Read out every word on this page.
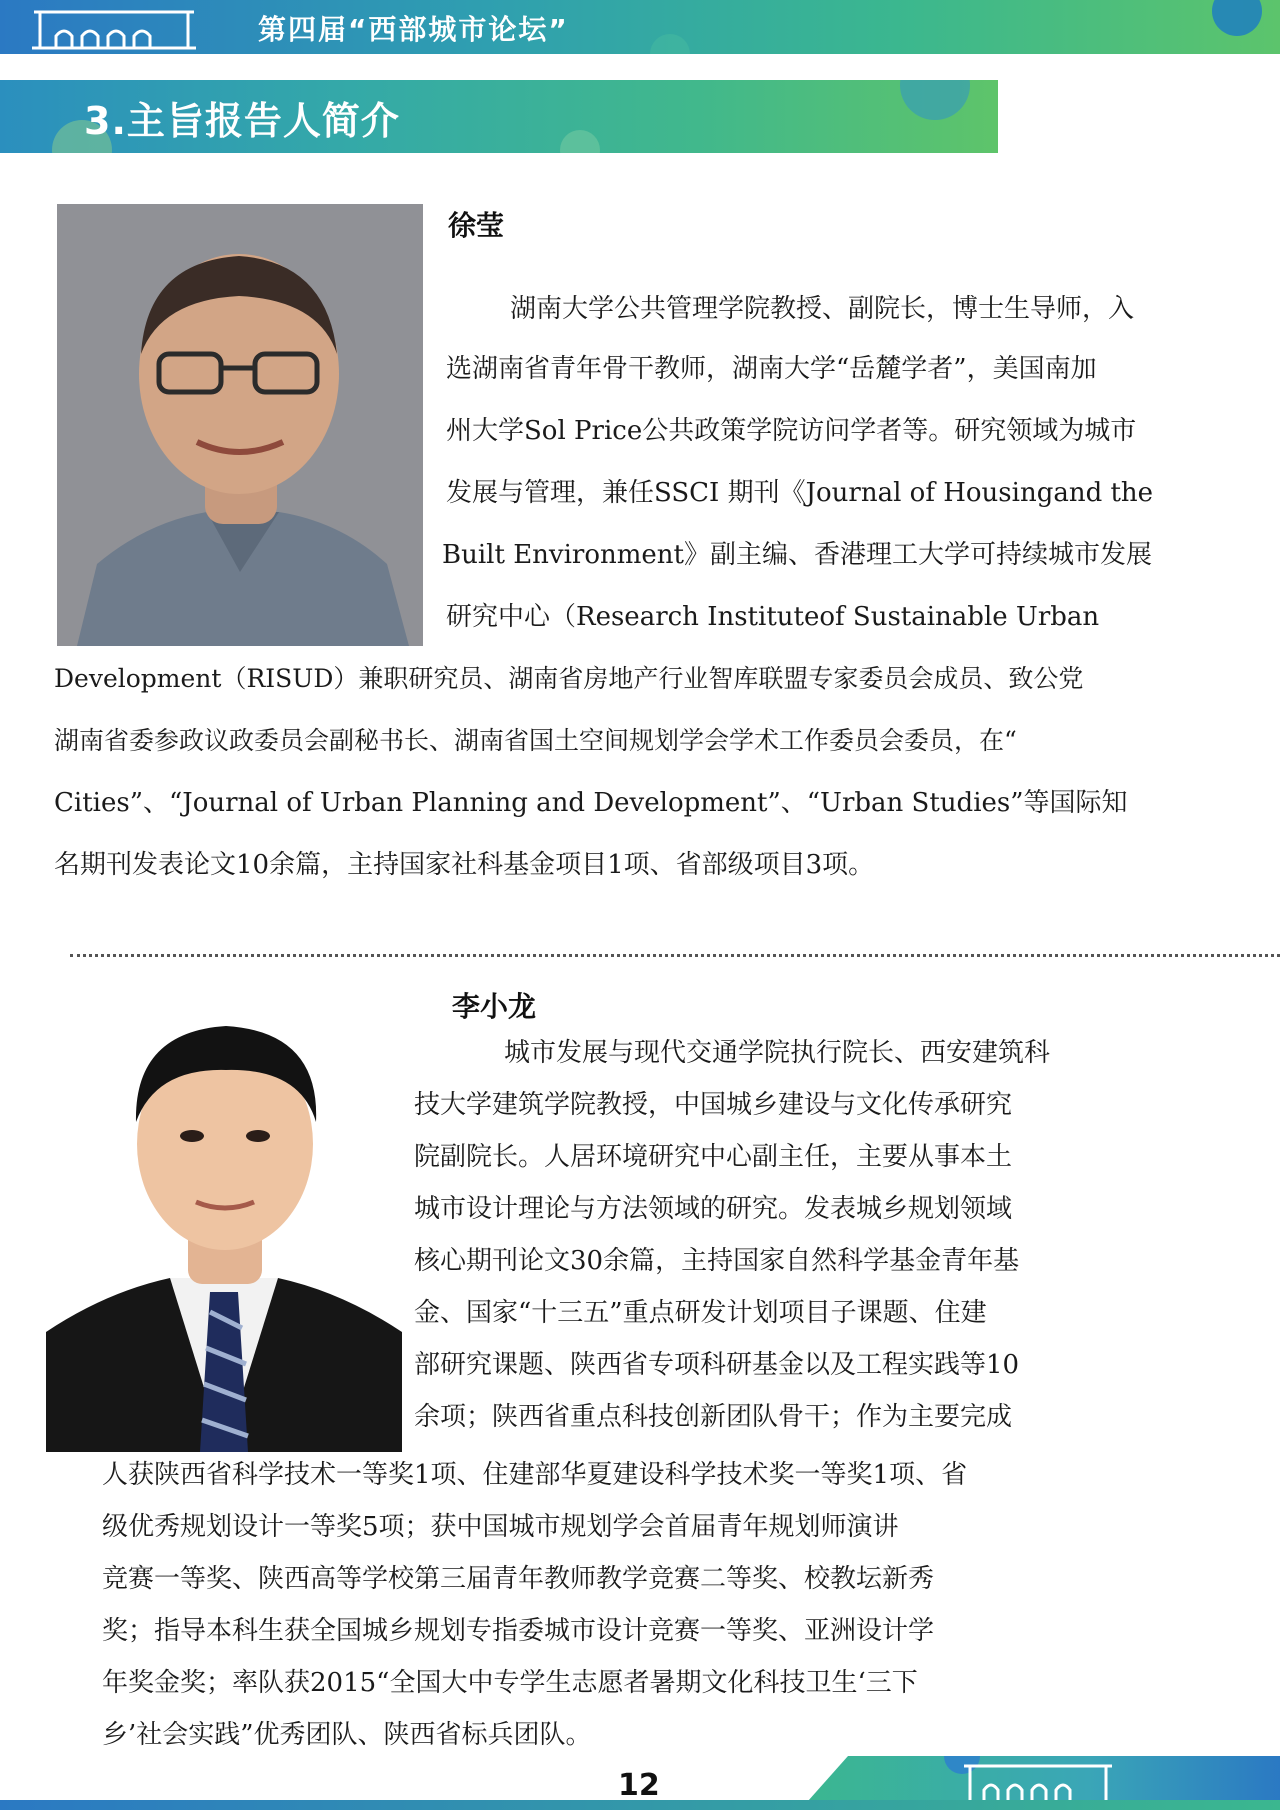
第四届“西部城市论坛”
3.主旨报告人简介
徐莹
湖南大学公共管理学院教授、副院长，博士生导师，入
选湖南省青年骨干教师，湖南大学“岳麓学者”，美国南加
州大学Sol Price公共政策学院访问学者等。研究领域为城市
发展与管理，兼任SSCI 期刊《Journal of Housingand the
Built Environment》副主编、香港理工大学可持续城市发展
研究中心（Research Instituteof Sustainable Urban
Development（RISUD）兼职研究员、湖南省房地产行业智库联盟专家委员会成员、致公党
湖南省委参政议政委员会副秘书长、湖南省国土空间规划学会学术工作委员会委员，在“
Cities”、“Journal of Urban Planning and Development”、“Urban Studies”等国际知
名期刊发表论文10余篇，主持国家社科基金项目1项、省部级项目3项。
李小龙
城市发展与现代交通学院执行院长、西安建筑科
技大学建筑学院教授，中国城乡建设与文化传承研究
院副院长。人居环境研究中心副主任，主要从事本土
城市设计理论与方法领域的研究。发表城乡规划领域
核心期刊论文30余篇，主持国家自然科学基金青年基
金、国家“十三五”重点研发计划项目子课题、住建
部研究课题、陕西省专项科研基金以及工程实践等10
余项；陕西省重点科技创新团队骨干；作为主要完成
人获陕西省科学技术一等奖1项、住建部华夏建设科学技术奖一等奖1项、省
级优秀规划设计一等奖5项；获中国城市规划学会首届青年规划师演讲
竞赛一等奖、陕西高等学校第三届青年教师教学竞赛二等奖、校教坛新秀
奖；指导本科生获全国城乡规划专指委城市设计竞赛一等奖、亚洲设计学
年奖金奖；率队获2015“全国大中专学生志愿者暑期文化科技卫生‘三下
乡’社会实践”优秀团队、陕西省标兵团队。
12
